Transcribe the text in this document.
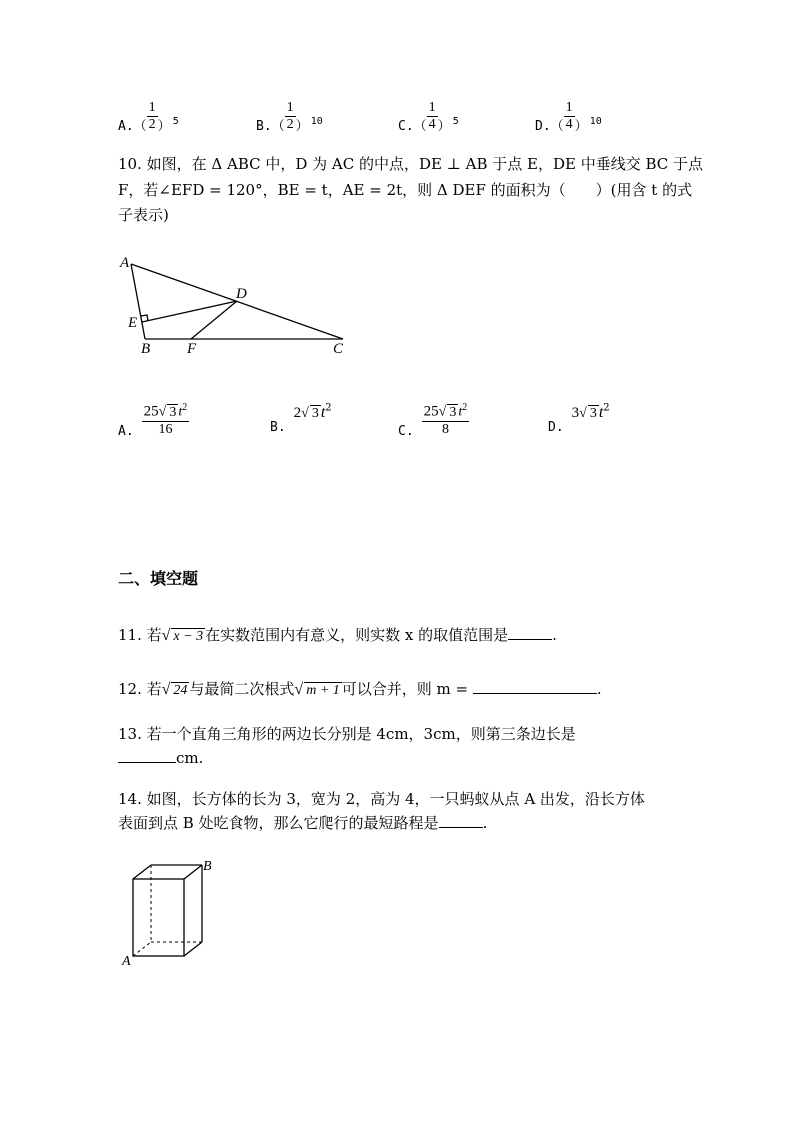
$A.( \frac{1}{2}$ ） $_5$	$B.( \frac{1}{2}$ ） $_{10}$	$C.( \frac{1}{4}$ ） $_5$	$D.( \frac{1}{4}$ ） $_{10}$
10. 如图，在 Δ ABC 中，D 为 AC 的中点，DE ⊥ AB 于点 E，DE 中垂线交 BC 于点
F，若∠EFD = 120°，BE = t，AE = 2t，则 Δ DEF 的面积为（　　）(用含 t 的式
子表示)
A
B	C
D
E
F
$_{A.} \frac{25√ 3 t^2}{16}$	$_{B.}$2√ 3 $t^2$
$_{C.} \frac{25√ 3 t^2}{8}$	$_{D.}$3√ 3 $t^2$
二、填空题
11. 若√ x − 3 在实数范围内有意义，则实数 x 的取值范围是	.
12. 若√ 24 与最简二次根式√ m + 1 可以合并，则 m =	.
13. 若一个直角三角形的两边长分别是 4cm，3cm，则第三条边长是
cm.
14. 如图，长方体的长为 3，宽为 2，高为 4，一只蚂蚁从点 A 出发，沿长方体
表面到点 B 处吃食物，那么它爬行的最短路程是	.
A
B
